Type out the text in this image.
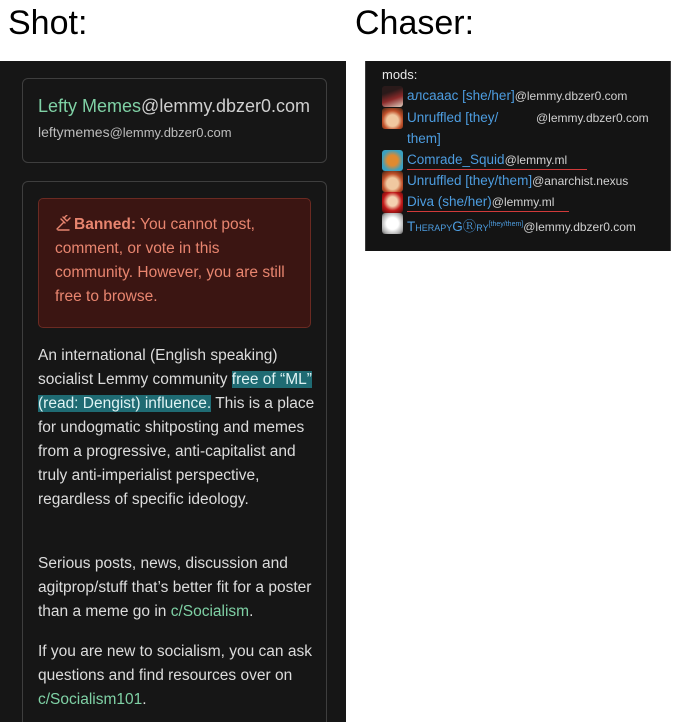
Shot:	Chaser:
Lefty Memes@lemmy.dbzer0.com
leftymemes@lemmy.dbzer0.com
Banned: You cannot post, comment, or vote in this community. However, you are still free to browse.
An international (English speaking) socialist Lemmy community free of “ML” (read: Dengist) influence. This is a place for undogmatic shitposting and memes from a progressive, anti-capitalist and truly anti-imperialist perspective, regardless of specific ideology.
Serious posts, news, discussion and agitprop/stuff that’s better fit for a poster than a meme go in c/Socialism.
If you are new to socialism, you can ask questions and find resources over on c/Socialism101.
mods:
алсааас [she/her]@lemmy.dbzer0.com
Unruffled [they/	@lemmy.dbzer0.com
them]
Comrade_Squid@lemmy.ml
Unruffled [they/them]@anarchist.nexus
Diva (she/her)@lemmy.ml
TherapyGⓇry[they/them]@lemmy.dbzer0.com
